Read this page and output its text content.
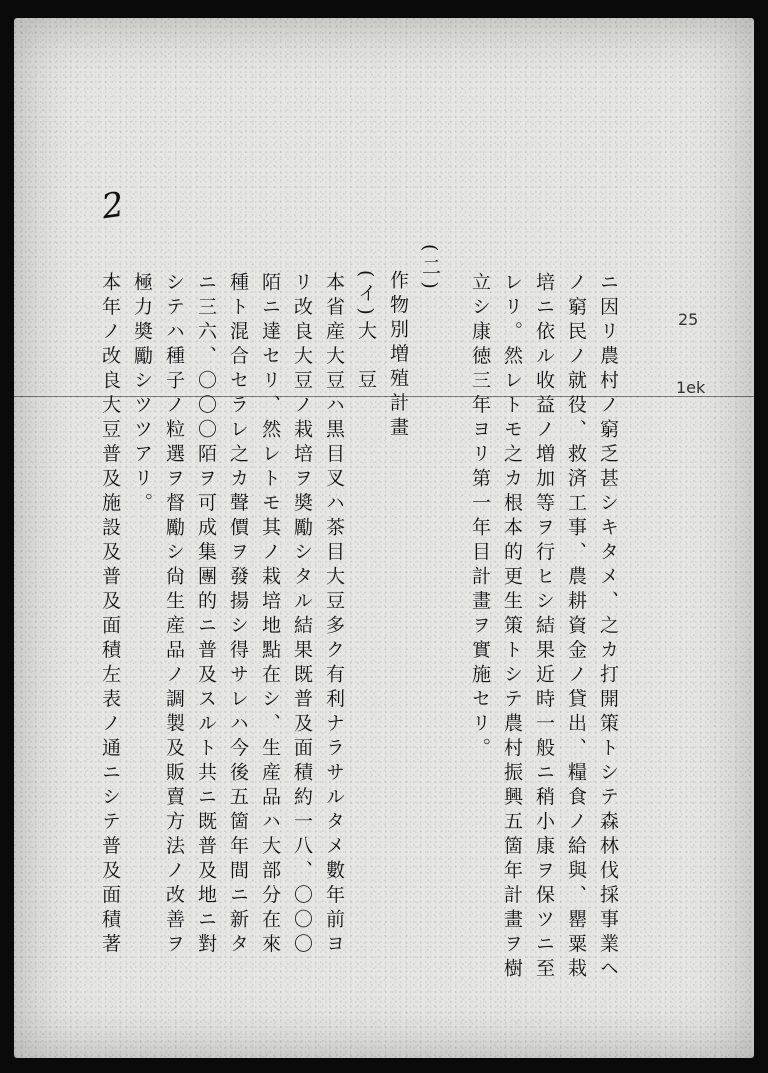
2
25
1ek
ニ因リ農村ノ窮乏甚シキタメ、之カ打開策トシテ森林伐採事業ヘ
ノ窮民ノ就役、救済工事、農耕資金ノ貸出、糧食ノ給與、罌粟栽
培ニ依ル收益ノ増加等ヲ行ヒシ結果近時一般ニ稍小康ヲ保ツニ至
レリ。然レトモ之カ根本的更生策トシテ農村振興五箇年計畫ヲ樹
立シ康徳三年ヨリ第一年目計畫ヲ實施セリ。
(二)
作物別増殖計畫
(イ)大　豆
本省産大豆ハ黒目叉ハ茶目大豆多ク有利ナラサルタメ數年前ヨ
リ改良大豆ノ栽培ヲ奬勵シタル結果既普及面積約一八、〇〇〇
陌ニ達セリ、然レトモ其ノ栽培地點在シ、生産品ハ大部分在來
種ト混合セラレ之カ聲價ヲ發揚シ得サレハ今後五箇年間ニ新タ
ニ三六、〇〇〇陌ヲ可成集團的ニ普及スルト共ニ既普及地ニ對
シテハ種子ノ粒選ヲ督勵シ尙生産品ノ調製及販賣方法ノ改善ヲ
極力奬勵シツツアリ。
本年ノ改良大豆普及施設及普及面積左表ノ通ニシテ普及面積著
